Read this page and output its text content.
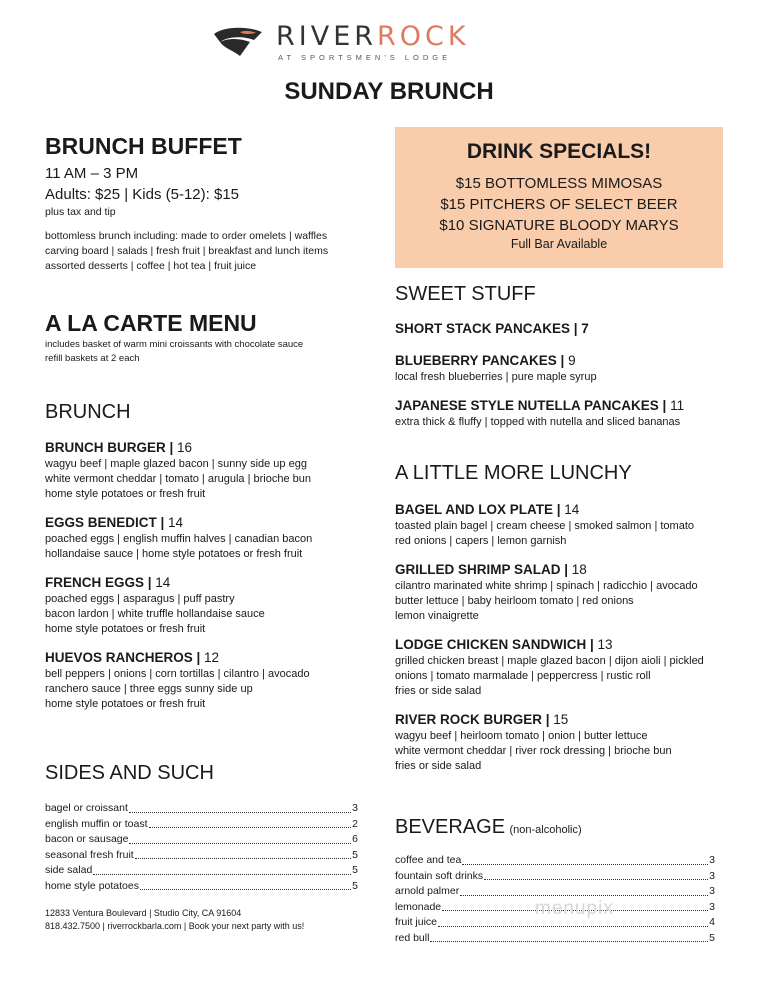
RIVERROCK
AT SPORTSMEN'S LODGE
SUNDAY BRUNCH
BRUNCH BUFFET
11 AM – 3 PM
Adults: $25 | Kids (5-12): $15
plus tax and tip
bottomless brunch including: made to order omelets | waffles
carving board | salads | fresh fruit | breakfast and lunch items
assorted desserts | coffee | hot tea | fruit juice
A LA CARTE MENU
includes basket of warm mini croissants with chocolate sauce
refill baskets at 2 each
BRUNCH
BRUNCH BURGER | 16
wagyu beef | maple glazed bacon | sunny side up egg
white vermont cheddar | tomato | arugula | brioche bun
home style potatoes or fresh fruit
EGGS BENEDICT | 14
poached eggs | english muffin halves | canadian bacon
hollandaise sauce | home style potatoes or fresh fruit
FRENCH EGGS | 14
poached eggs | asparagus | puff pastry
bacon lardon | white truffle hollandaise sauce
home style potatoes or fresh fruit
HUEVOS RANCHEROS | 12
bell peppers | onions | corn tortillas | cilantro | avocado
ranchero sauce | three eggs sunny side up
home style potatoes or fresh fruit
SIDES AND SUCH
bagel or croissant	3
english muffin or toast	2
bacon or sausage	6
seasonal fresh fruit	5
side salad	5
home style potatoes	5
12833 Ventura Boulevard | Studio City, CA 91604
818.432.7500 | riverrockbarla.com | Book your next party with us!
DRINK SPECIALS!
$15 BOTTOMLESS MIMOSAS
$15 PITCHERS OF SELECT BEER
$10 SIGNATURE BLOODY MARYS
Full Bar Available
SWEET STUFF
SHORT STACK PANCAKES | 7
BLUEBERRY PANCAKES | 9
local fresh blueberries | pure maple syrup
JAPANESE STYLE NUTELLA PANCAKES | 11
extra thick & fluffy | topped with nutella and sliced bananas
A LITTLE MORE LUNCHY
BAGEL AND LOX PLATE | 14
toasted plain bagel | cream cheese | smoked salmon | tomato
red onions | capers | lemon garnish
GRILLED SHRIMP SALAD | 18
cilantro marinated white shrimp | spinach | radicchio | avocado
butter lettuce | baby heirloom tomato | red onions
lemon vinaigrette
LODGE CHICKEN SANDWICH | 13
grilled chicken breast | maple glazed bacon | dijon aioli | pickled
onions | tomato marmalade | peppercress | rustic roll
fries or side salad
RIVER ROCK BURGER | 15
wagyu beef | heirloom tomato | onion | butter lettuce
white vermont cheddar | river rock dressing | brioche bun
fries or side salad
BEVERAGE (non-alcoholic)
coffee and tea	3
fountain soft drinks	3
arnold palmer	3
lemonade	3
fruit juice	4
red bull	5
menupix
